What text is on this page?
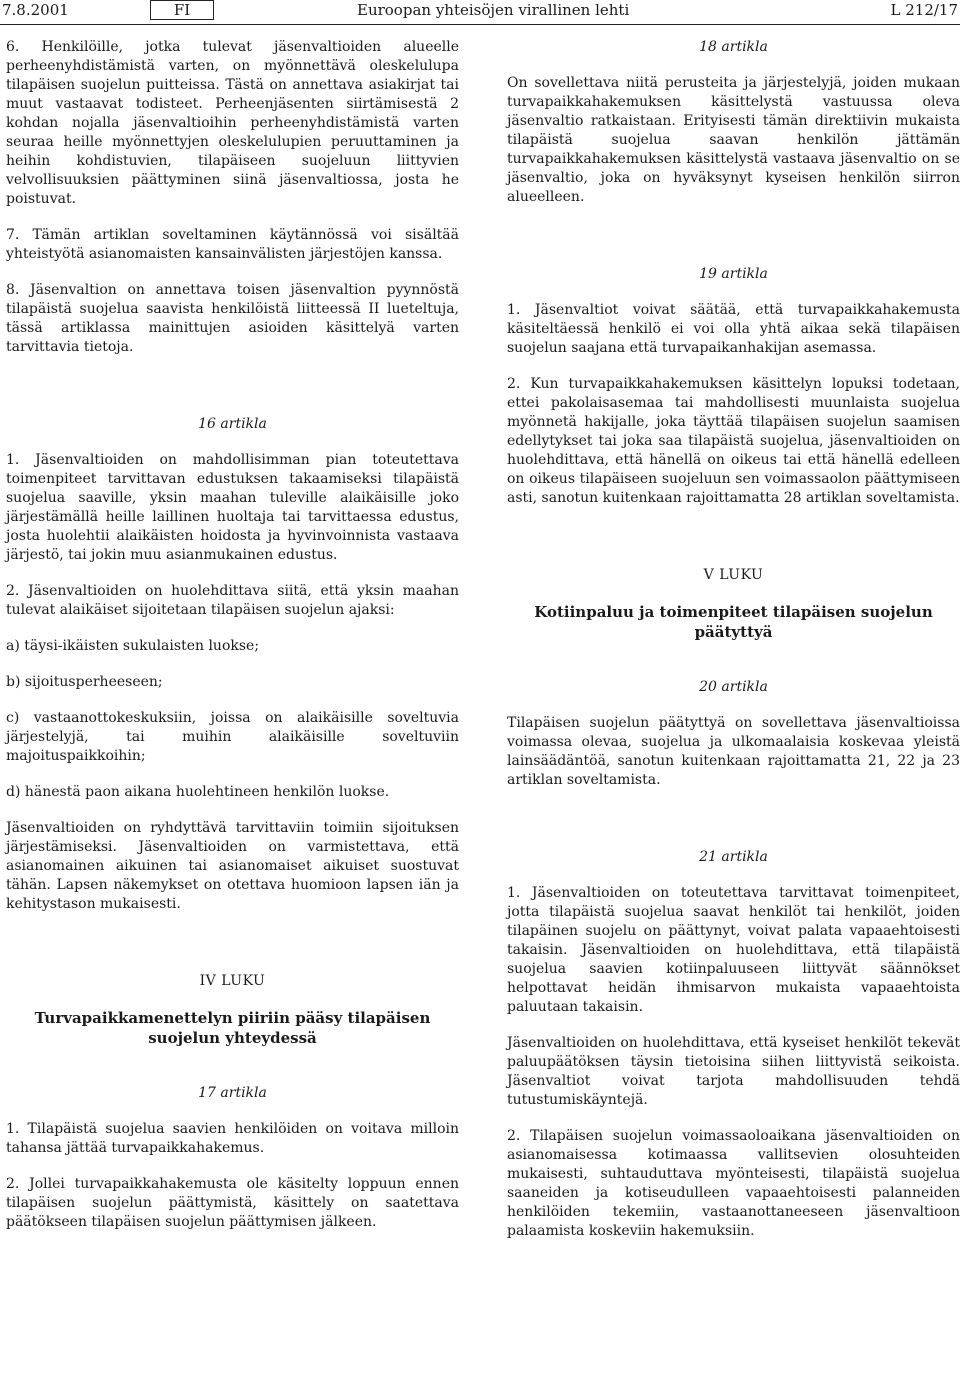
7.8.2001	FI	Euroopan yhteisöjen virallinen lehti	L 212/17

6. Henkilöille, jotka tulevat jäsenvaltioiden alueelle perheenyhdistämistä varten, on myönnettävä oleskelulupa tilapäisen suojelun puitteissa. Tästä on annettava asiakirjat tai muut vastaavat todisteet. Perheenjäsenten siirtämisestä 2 kohdan nojalla jäsenvaltioihin perheenyhdistämistä varten seuraa heille myönnettyjen oleskelulupien peruuttaminen ja heihin kohdistuvien, tilapäiseen suojeluun liittyvien velvollisuuksien päättyminen siinä jäsenvaltiossa, josta he poistuvat.

7. Tämän artiklan soveltaminen käytännössä voi sisältää yhteistyötä asianomaisten kansainvälisten järjestöjen kanssa.

8. Jäsenvaltion on annettava toisen jäsenvaltion pyynnöstä tilapäistä suojelua saavista henkilöistä liitteessä II lueteltuja, tässä artiklassa mainittujen asioiden käsittelyä varten tarvittavia tietoja.

16 artikla

1. Jäsenvaltioiden on mahdollisimman pian toteutettava toimenpiteet tarvittavan edustuksen takaamiseksi tilapäistä suojelua saaville, yksin maahan tuleville alaikäisille joko järjestämällä heille laillinen huoltaja tai tarvittaessa edustus, josta huolehtii alaikäisten hoidosta ja hyvinvoinnista vastaava järjestö, tai jokin muu asianmukainen edustus.

2. Jäsenvaltioiden on huolehdittava siitä, että yksin maahan tulevat alaikäiset sijoitetaan tilapäisen suojelun ajaksi:

a) täysi-ikäisten sukulaisten luokse;

b) sijoitusperheeseen;

c) vastaanottokeskuksiin, joissa on alaikäisille soveltuvia järjestelyjä, tai muihin alaikäisille soveltuviin majoituspaikkoihin;

d) hänestä paon aikana huolehtineen henkilön luokse.

Jäsenvaltioiden on ryhdyttävä tarvittaviin toimiin sijoituksen järjestämiseksi. Jäsenvaltioiden on varmistettava, että asianomainen aikuinen tai asianomaiset aikuiset suostuvat tähän. Lapsen näkemykset on otettava huomioon lapsen iän ja kehitystason mukaisesti.

IV LUKU

Turvapaikkamenettelyn piiriin pääsy tilapäisen suojelun yhteydessä

17 artikla

1. Tilapäistä suojelua saavien henkilöiden on voitava milloin tahansa jättää turvapaikkahakemus.

2. Jollei turvapaikkahakemusta ole käsitelty loppuun ennen tilapäisen suojelun päättymistä, käsittely on saatettava päätökseen tilapäisen suojelun päättymisen jälkeen.

18 artikla

On sovellettava niitä perusteita ja järjestelyjä, joiden mukaan turvapaikkahakemuksen käsittelystä vastuussa oleva jäsenvaltio ratkaistaan. Erityisesti tämän direktiivin mukaista tilapäistä suojelua saavan henkilön jättämän turvapaikkahakemuksen käsittelystä vastaava jäsenvaltio on se jäsenvaltio, joka on hyväksynyt kyseisen henkilön siirron alueelleen.

19 artikla

1. Jäsenvaltiot voivat säätää, että turvapaikkahakemusta käsiteltäessä henkilö ei voi olla yhtä aikaa sekä tilapäisen suojelun saajana että turvapaikanhakijan asemassa.

2. Kun turvapaikkahakemuksen käsittelyn lopuksi todetaan, ettei pakolaisasemaa tai mahdollisesti muunlaista suojelua myönnetä hakijalle, joka täyttää tilapäisen suojelun saamisen edellytykset tai joka saa tilapäistä suojelua, jäsenvaltioiden on huolehdittava, että hänellä on oikeus tai että hänellä edelleen on oikeus tilapäiseen suojeluun sen voimassaolon päättymiseen asti, sanotun kuitenkaan rajoittamatta 28 artiklan soveltamista.

V LUKU

Kotiinpaluu ja toimenpiteet tilapäisen suojelun päätyttyä

20 artikla

Tilapäisen suojelun päätyttyä on sovellettava jäsenvaltioissa voimassa olevaa, suojelua ja ulkomaalaisia koskevaa yleistä lainsäädäntöä, sanotun kuitenkaan rajoittamatta 21, 22 ja 23 artiklan soveltamista.

21 artikla

1. Jäsenvaltioiden on toteutettava tarvittavat toimenpiteet, jotta tilapäistä suojelua saavat henkilöt tai henkilöt, joiden tilapäinen suojelu on päättynyt, voivat palata vapaaehtoisesti takaisin. Jäsenvaltioiden on huolehdittava, että tilapäistä suojelua saavien kotiinpaluuseen liittyvät säännökset helpottavat heidän ihmisarvon mukaista vapaaehtoista paluutaan takaisin.

Jäsenvaltioiden on huolehdittava, että kyseiset henkilöt tekevät paluupäätöksen täysin tietoisina siihen liittyvistä seikoista. Jäsenvaltiot voivat tarjota mahdollisuuden tehdä tutustumiskäyntejä.

2. Tilapäisen suojelun voimassaoloaikana jäsenvaltioiden on asianomaisessa kotimaassa vallitsevien olosuhteiden mukaisesti, suhtauduttava myönteisesti, tilapäistä suojelua saaneiden ja kotiseudulleen vapaaehtoisesti palanneiden henkilöiden tekemiin, vastaanottaneeseen jäsenvaltioon palaamista koskeviin hakemuksiin.
